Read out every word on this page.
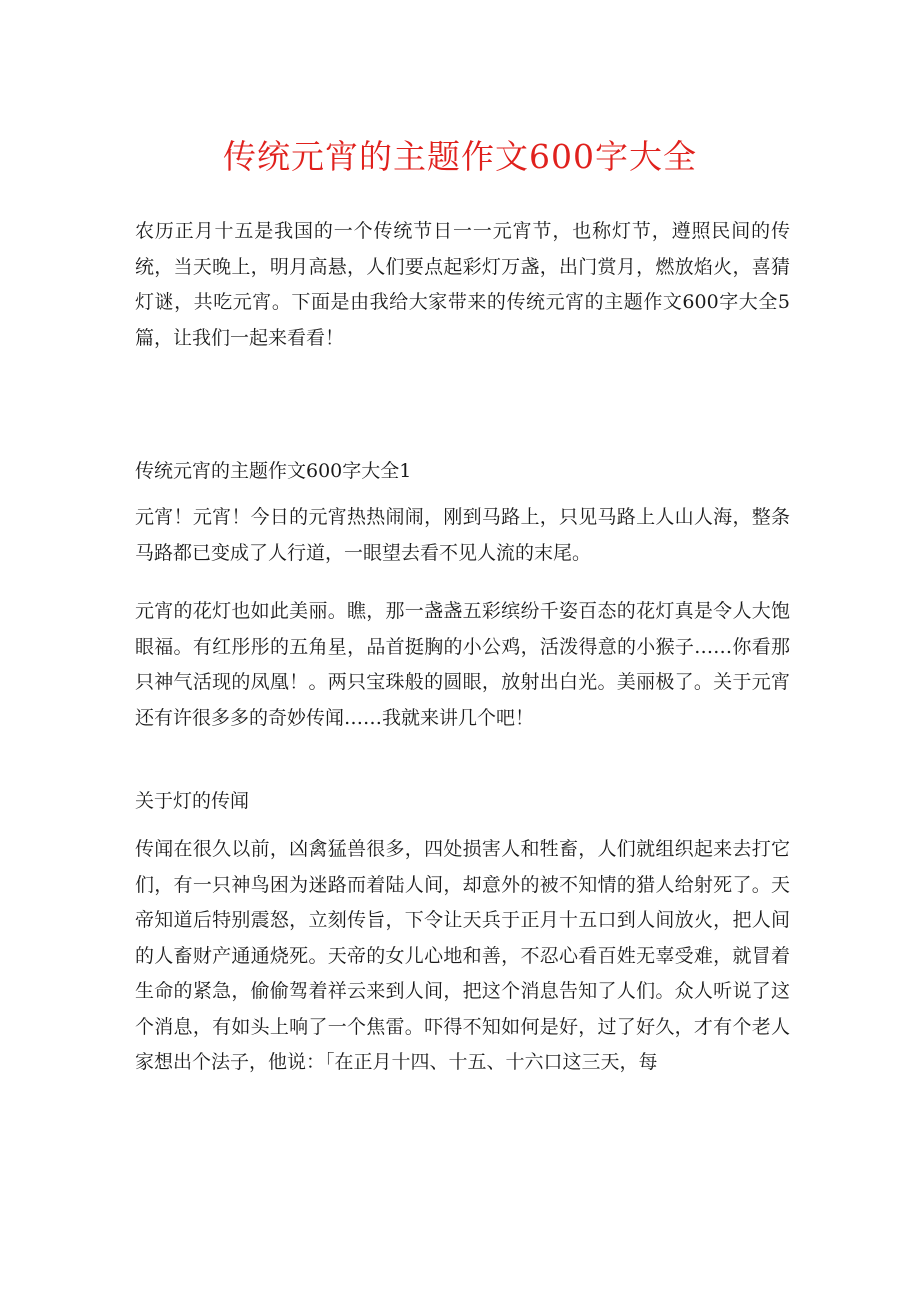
传统元宵的主题作文600字大全

农历正月十五是我国的一个传统节日一一元宵节，也称灯节，遵照民间的传统，当天晚上，明月高悬，人们要点起彩灯万盏，出门赏月，燃放焰火，喜猜灯谜，共吃元宵。下面是由我给大家带来的传统元宵的主题作文600字大全5篇，让我们一起来看看！

传统元宵的主题作文600字大全1

元宵！元宵！今日的元宵热热闹闹，刚到马路上，只见马路上人山人海，整条马路都已变成了人行道，一眼望去看不见人流的末尾。

元宵的花灯也如此美丽。瞧，那一盏盏五彩缤纷千姿百态的花灯真是令人大饱眼福。有红彤彤的五角星，品首挺胸的小公鸡，活泼得意的小猴子……你看那只神气活现的凤凰！。两只宝珠般的圆眼，放射出白光。美丽极了。关于元宵还有许很多多的奇妙传闻……我就来讲几个吧！

关于灯的传闻

传闻在很久以前，凶禽猛兽很多，四处损害人和牲畜，人们就组织起来去打它们，有一只神鸟困为迷路而着陆人间，却意外的被不知情的猎人给射死了。天帝知道后特别震怒，立刻传旨，下令让天兵于正月十五口到人间放火，把人间的人畜财产通通烧死。天帝的女儿心地和善，不忍心看百姓无辜受难，就冒着生命的紧急，偷偷驾着祥云来到人间，把这个消息告知了人们。众人听说了这个消息，有如头上响了一个焦雷。吓得不知如何是好，过了好久，才有个老人家想出个法子，他说：「在正月十四、十五、十六口这三天，每
